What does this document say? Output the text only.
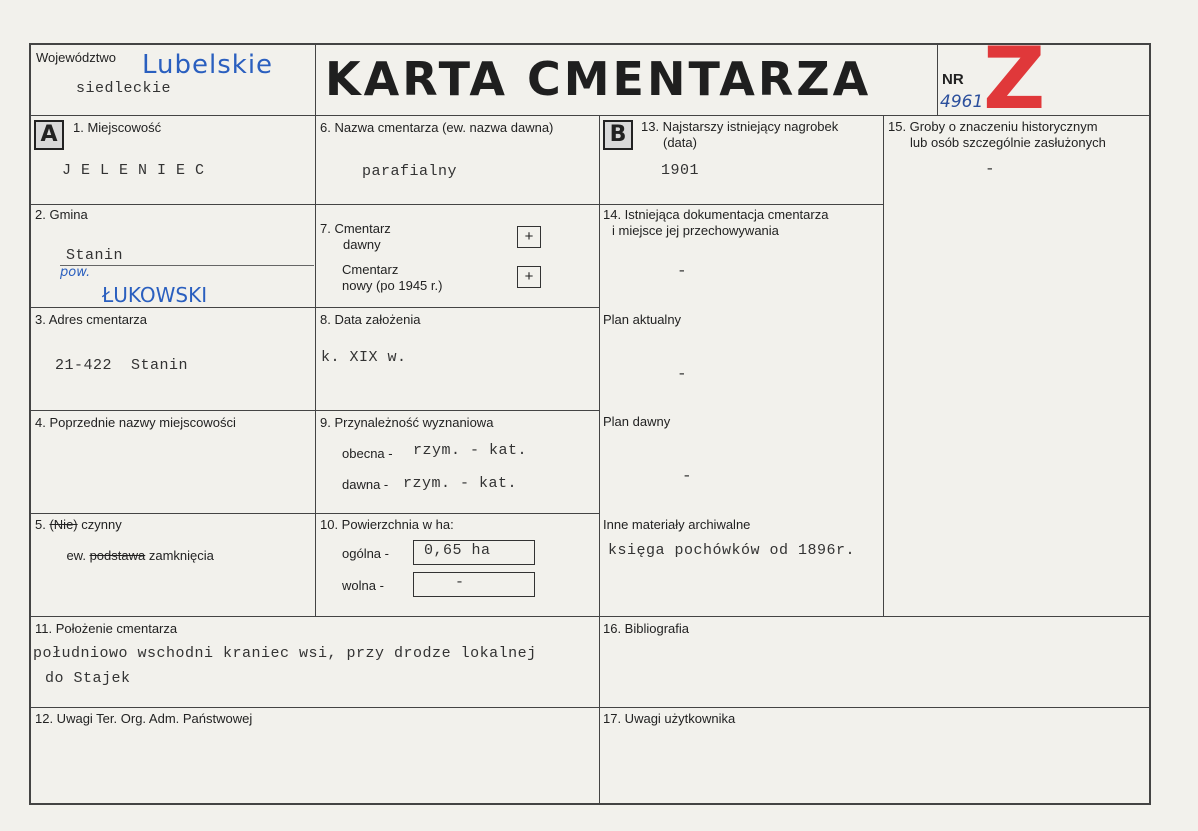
Województwo Lubelskie
siedleckie	KARTA CMENTARZA	NR
4961 Z
A	1. Miejscowość
J E L E N I E C
2. Gmina
Stanin
pow.
ŁUKOWSKI
3. Adres cmentarza
21-422  Stanin
4. Poprzednie nazwy miejscowości
5. (Nie) czynny

ew. podstawa zamknięcia

6. Nazwa cmentarza (ew. nazwa dawna)
parafialny
7. Cmentarz
dawny	+
Cmentarz
nowy (po 1945 r.)
+
8. Data założenia
k. XIX w.
9. Przynależność wyznaniowa
obecna - rzym. - kat.
dawna - rzym. - kat.
10. Powierzchnia w ha:
ogólna - 0,65 ha
wolna -	-
B	13. Najstarszy istniejący nagrobek
(data)
1901
14. Istniejąca dokumentacja cmentarza
i miejsce jej przechowywania
-
Plan aktualny
-
Plan dawny
-
Inne materiały archiwalne
księga pochówków od 1896r.
15. Groby o znaczeniu historycznym
lub osób szczególnie zasłużonych
-
11. Położenie cmentarza
południowo wschodni kraniec wsi, przy drodze lokalnej
do Stajek
16. Bibliografia
12. Uwagi Ter. Org. Adm. Państwowej	17. Uwagi użytkownika
